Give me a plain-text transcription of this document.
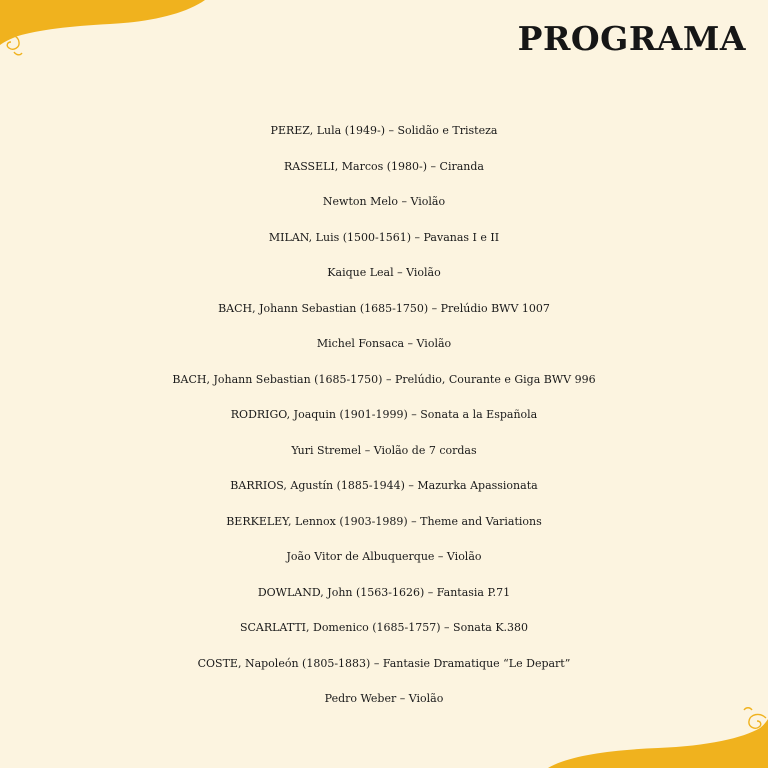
PROGRAMA
PEREZ, Lula (1949-) – Solidão e Tristeza
RASSELI, Marcos (1980-) – Ciranda
Newton Melo – Violão
MILAN, Luis (1500-1561) – Pavanas I e II
Kaique Leal – Violão
BACH, Johann Sebastian (1685-1750) – Prelúdio BWV 1007
Michel Fonsaca – Violão
BACH, Johann Sebastian (1685-1750) – Prelúdio, Courante e Giga BWV 996
RODRIGO, Joaquin (1901-1999) – Sonata a la Española
Yuri Stremel – Violão de 7 cordas
BARRIOS, Agustín (1885-1944) – Mazurka Apassionata
BERKELEY, Lennox (1903-1989) – Theme and Variations
João Vitor de Albuquerque – Violão
DOWLAND, John (1563-1626) – Fantasia P.71
SCARLATTI, Domenico (1685-1757) – Sonata K.380
COSTE, Napoleón (1805-1883) – Fantasie Dramatique “Le Depart”
Pedro Weber – Violão
